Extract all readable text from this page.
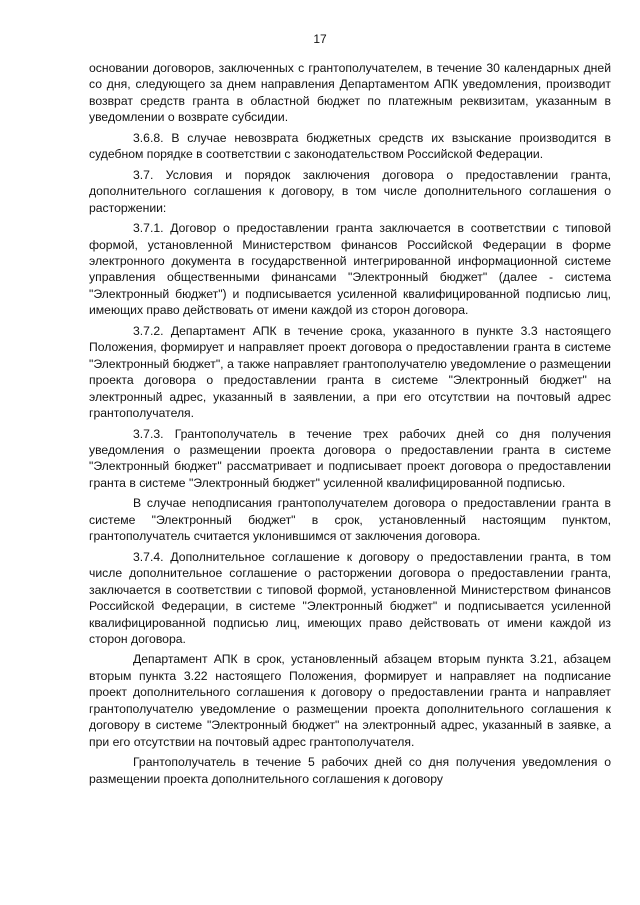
17

основании договоров, заключенных с грантополучателем, в течение 30 календарных дней со дня, следующего за днем направления Департаментом АПК уведомления, производит возврат средств гранта в областной бюджет по платежным реквизитам, указанным в уведомлении о возврате субсидии.

3.6.8. В случае невозврата бюджетных средств их взыскание производится в судебном порядке в соответствии с законодательством Российской Федерации.

3.7. Условия и порядок заключения договора о предоставлении гранта, дополнительного соглашения к договору, в том числе дополнительного соглашения о расторжении:

3.7.1. Договор о предоставлении гранта заключается в соответствии с типовой формой, установленной Министерством финансов Российской Федерации в форме электронного документа в государственной интегрированной информационной системе управления общественными финансами "Электронный бюджет" (далее - система "Электронный бюджет") и подписывается усиленной квалифицированной подписью лиц, имеющих право действовать от имени каждой из сторон договора.

3.7.2. Департамент АПК в течение срока, указанного в пункте 3.3 настоящего Положения, формирует и направляет проект договора о предоставлении гранта в системе "Электронный бюджет", а также направляет грантополучателю уведомление о размещении проекта договора о предоставлении гранта в системе "Электронный бюджет" на электронный адрес, указанный в заявлении, а при его отсутствии на почтовый адрес грантополучателя.

3.7.3. Грантополучатель в течение трех рабочих дней со дня получения уведомления о размещении проекта договора о предоставлении гранта в системе "Электронный бюджет" рассматривает и подписывает проект договора о предоставлении гранта в системе "Электронный бюджет" усиленной квалифицированной подписью.

В случае неподписания грантополучателем договора о предоставлении гранта в системе "Электронный бюджет" в срок, установленный настоящим пунктом, грантополучатель считается уклонившимся от заключения договора.

3.7.4. Дополнительное соглашение к договору о предоставлении гранта, в том числе дополнительное соглашение о расторжении договора о предоставлении гранта, заключается в соответствии с типовой формой, установленной Министерством финансов Российской Федерации, в системе "Электронный бюджет" и подписывается усиленной квалифицированной подписью лиц, имеющих право действовать от имени каждой из сторон договора.

Департамент АПК в срок, установленный абзацем вторым пункта 3.21, абзацем вторым пункта 3.22 настоящего Положения, формирует и направляет на подписание проект дополнительного соглашения к договору о предоставлении гранта и направляет грантополучателю уведомление о размещении проекта дополнительного соглашения к договору в системе "Электронный бюджет" на электронный адрес, указанный в заявке, а при его отсутствии на почтовый адрес грантополучателя.

Грантополучатель в течение 5 рабочих дней со дня получения уведомления о размещении проекта дополнительного соглашения к договору
